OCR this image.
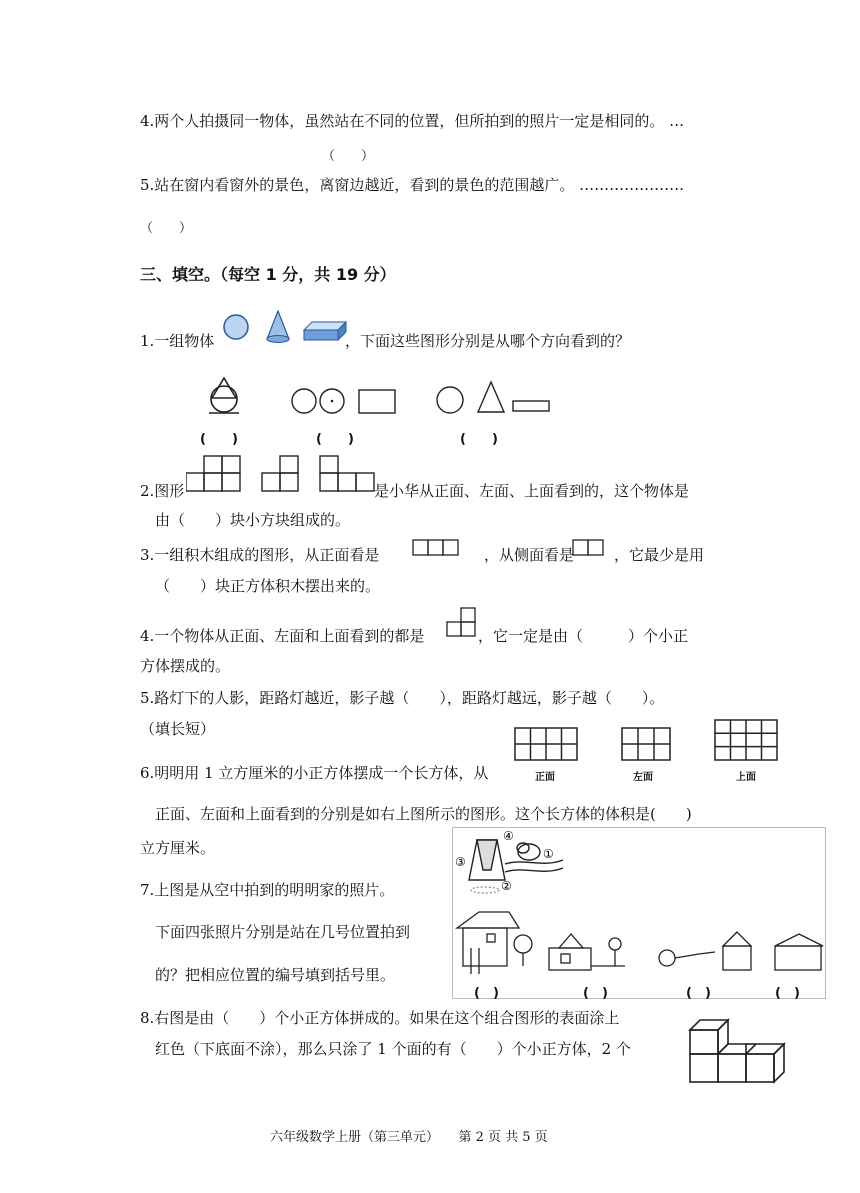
4.两个人拍摄同一物体，虽然站在不同的位置，但所拍到的照片一定是相同的。 …
（　　）
5.站在窗内看窗外的景色，离窗边越近，看到的景色的范围越广。 …………………
（　　）
三、填空。（每空 1 分，共 19 分）
1.一组物体	，下面这些图形分别是从哪个方向看到的？
(　　)	(　　)	(　　)
2.图形	是小华从正面、左面、上面看到的，这个物体是
由（　　）块小方块组成的。
3.一组积木组成的图形，从正面看是	，从侧面看是	，它最少是用
（　　）块正方体积木摆出来的。
4.一个物体从正面、左面和上面看到的都是	，它一定是由（　　　）个小正
方体摆成的。
5.路灯下的人影，距路灯越近，影子越（　　），距路灯越远，影子越（　　）。
（填长短）
正面	左面	上面
6.明明用 1 立方厘米的小正方体摆成一个长方体，从
正面、左面和上面看到的分别是如右上图所示的图形。这个长方体的体积是(　　)
立方厘米。
④
①
②
③
(　)	(　)	(　)	(　)
7.上图是从空中拍到的明明家的照片。
下面四张照片分别是站在几号位置拍到
的？把相应位置的编号填到括号里。
8.右图是由（　　）个小正方体拼成的。如果在这个组合图形的表面涂上
红色（下底面不涂），那么只涂了 1 个面的有（　　）个小正方体，2 个
六年级数学上册（第三单元）　　第 2 页 共 5 页
